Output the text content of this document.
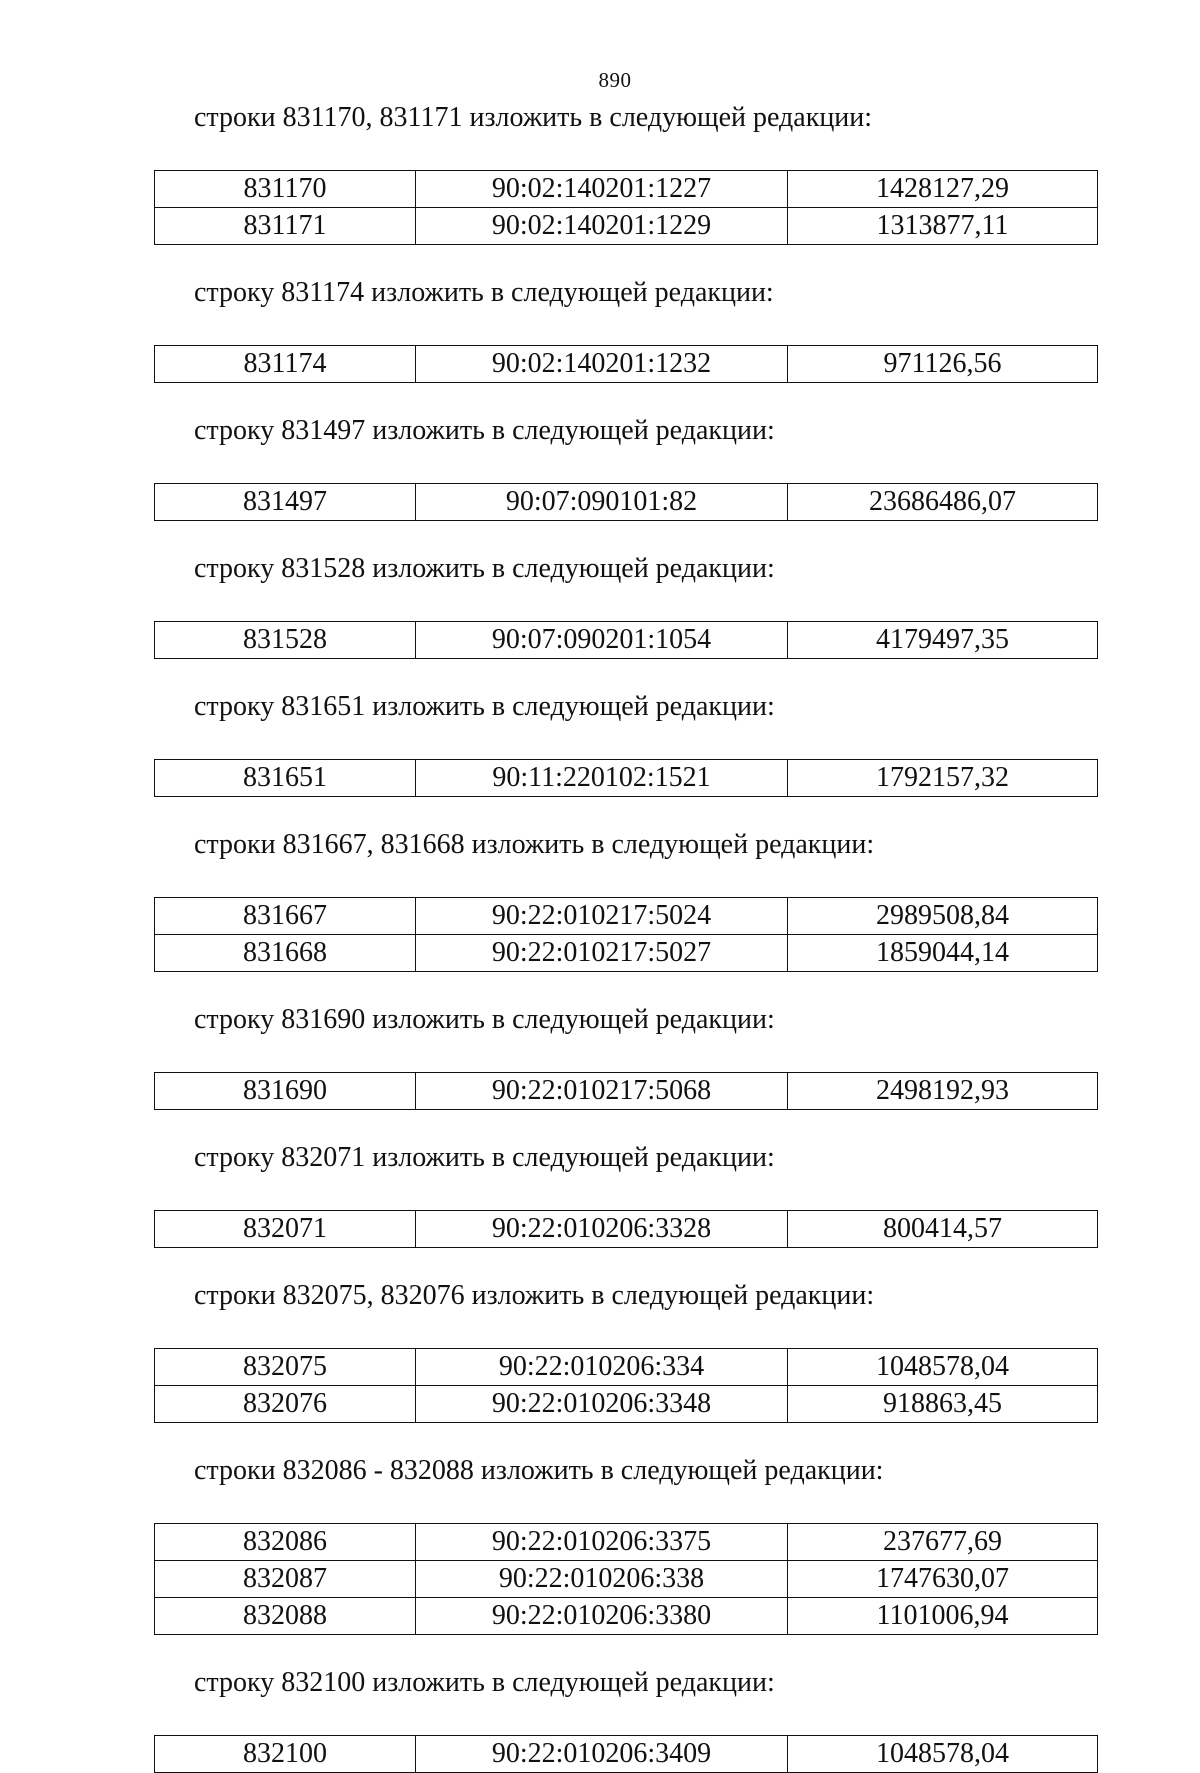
890
строки 831170, 831171 изложить в следующей редакции:
831170	90:02:140201:1227	1428127,29
831171	90:02:140201:1229	1313877,11
строку 831174 изложить в следующей редакции:
831174	90:02:140201:1232	971126,56
строку 831497 изложить в следующей редакции:
831497	90:07:090101:82	23686486,07
строку 831528 изложить в следующей редакции:
831528	90:07:090201:1054	4179497,35
строку 831651 изложить в следующей редакции:
831651	90:11:220102:1521	1792157,32
строки 831667, 831668 изложить в следующей редакции:
831667	90:22:010217:5024	2989508,84
831668	90:22:010217:5027	1859044,14
строку 831690 изложить в следующей редакции:
831690	90:22:010217:5068	2498192,93
строку 832071 изложить в следующей редакции:
832071	90:22:010206:3328	800414,57
строки 832075, 832076 изложить в следующей редакции:
832075	90:22:010206:334	1048578,04
832076	90:22:010206:3348	918863,45
строки 832086 - 832088 изложить в следующей редакции:
832086	90:22:010206:3375	237677,69
832087	90:22:010206:338	1747630,07
832088	90:22:010206:3380	1101006,94
строку 832100 изложить в следующей редакции:
832100	90:22:010206:3409	1048578,04
